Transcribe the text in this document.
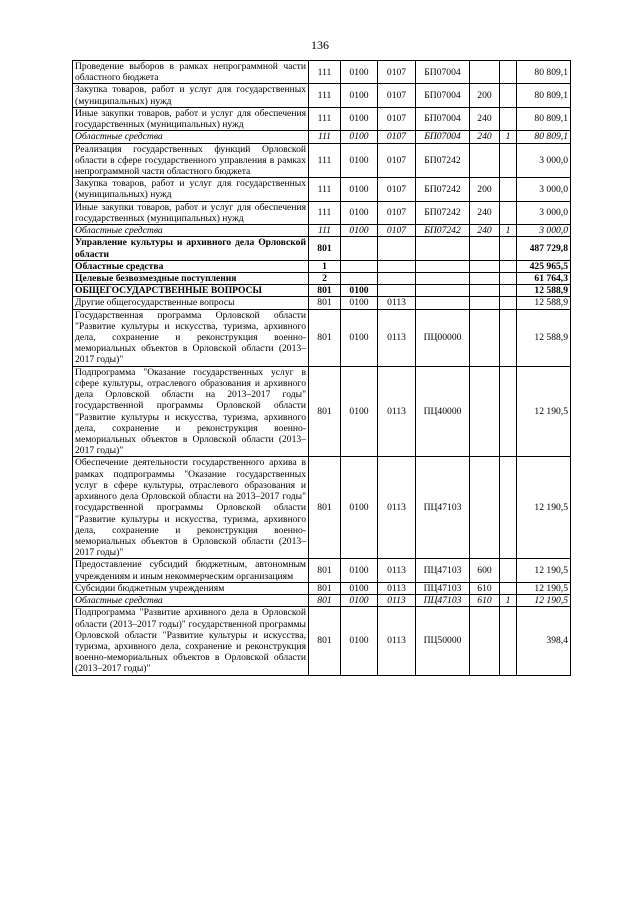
136
Проведение выборов в рамках непрограммной части областного бюджета	111	0100	0107	БП07004			80 809,1
Закупка товаров, работ и услуг для государственных (муниципальных) нужд	111	0100	0107	БП07004	200		80 809,1
Иные закупки товаров, работ и услуг для обеспечения государственных (муниципальных) нужд	111	0100	0107	БП07004	240		80 809,1
Областные средства	111	0100	0107	БП07004	240	1	80 809,1
Реализация государственных функций Орловской области в сфере государственного управления в рамках непрограммной части областного бюджета	111	0100	0107	БП07242			3 000,0
Закупка товаров, работ и услуг для государственных (муниципальных) нужд	111	0100	0107	БП07242	200		3 000,0
Иные закупки товаров, работ и услуг для обеспечения государственных (муниципальных) нужд	111	0100	0107	БП07242	240		3 000,0
Областные средства	111	0100	0107	БП07242	240	1	3 000,0
Управление культуры и архивного дела Орловской области	801						487 729,8
Областные средства	1						425 965,5
Целевые безвозмездные поступления	2						61 764,3
ОБЩЕГОСУДАРСТВЕННЫЕ ВОПРОСЫ	801	0100					12 588,9
Другие общегосударственные вопросы	801	0100	0113				12 588,9
Государственная программа Орловской области "Развитие культуры и искусства, туризма, архивного дела, сохранение и реконструкция военно-мемориальных объектов в Орловской области (2013–2017 годы)"	801	0100	0113	ПЦ00000			12 588,9
Подпрограмма "Оказание государственных услуг в сфере культуры, отраслевого образования и архивного дела Орловской области на 2013–2017 годы" государственной программы Орловской области "Развитие культуры и искусства, туризма, архивного дела, сохранение и реконструкция военно-мемориальных объектов в Орловской области (2013–2017 годы)"	801	0100	0113	ПЦ40000			12 190,5
Обеспечение деятельности государственного архива в рамках подпрограммы "Оказание государственных услуг в сфере культуры, отраслевого образования и архивного дела Орловской области на 2013–2017 годы" государственной программы Орловской области "Развитие культуры и искусства, туризма, архивного дела, сохранение и реконструкция военно-мемориальных объектов в Орловской области (2013–2017 годы)"	801	0100	0113	ПЦ47103			12 190,5
Предоставление субсидий бюджетным, автономным учреждениям и иным некоммерческим организациям	801	0100	0113	ПЦ47103	600		12 190,5
Субсидии бюджетным учреждениям	801	0100	0113	ПЦ47103	610		12 190,5
Областные средства	801	0100	0113	ПЦ47103	610	1	12 190,5
Подпрограмма "Развитие архивного дела в Орловской области (2013–2017 годы)" государственной программы Орловской области "Развитие культуры и искусства, туризма, архивного дела, сохранение и реконструкция военно-мемориальных объектов в Орловской области (2013–2017 годы)"	801	0100	0113	ПЦ50000			398,4
